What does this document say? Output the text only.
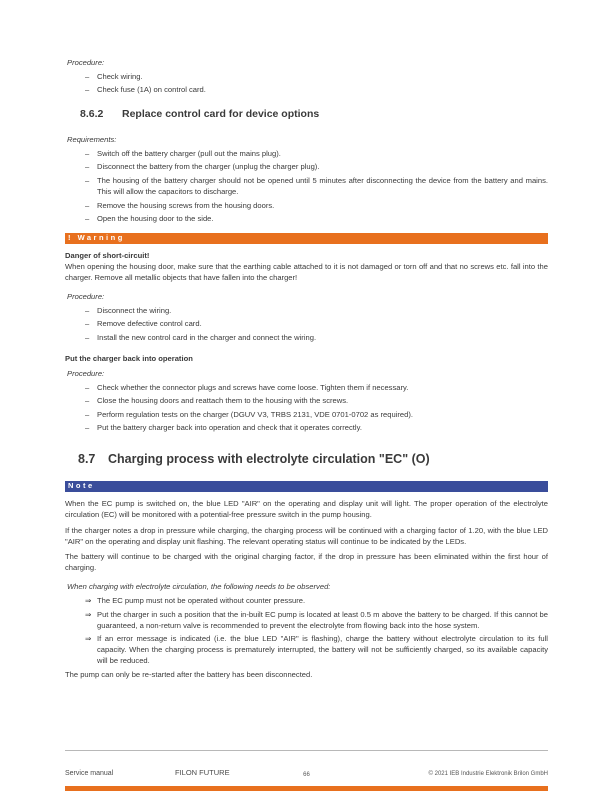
Procedure:
–	Check wiring.
–	Check fuse (1A) on control card.
8.6.2	Replace control card for device options
Requirements:
–	Switch off the battery charger (pull out the mains plug).
–	Disconnect the battery from the charger (unplug the charger plug).
–	The housing of the battery charger should not be opened until 5 minutes after disconnecting the device from the battery and mains. This will allow the capacitors to discharge.
–	Remove the housing screws from the housing doors.
–	Open the housing door to the side.
! Warning
Danger of short-circuit!
When opening the housing door, make sure that the earthing cable attached to it is not damaged or torn off and that no screws etc. fall into the charger. Remove all metallic objects that have fallen into the charger!
Procedure:
–	Disconnect the wiring.
–	Remove defective control card.
–	Install the new control card in the charger and connect the wiring.
Put the charger back into operation
Procedure:
–	Check whether the connector plugs and screws have come loose. Tighten them if necessary.
–	Close the housing doors and reattach them to the housing with the screws.
–	Perform regulation tests on the charger (DGUV V3, TRBS 2131, VDE 0701-0702 as required).
–	Put the battery charger back into operation and check that it operates correctly.
8.7	Charging process with electrolyte circulation "EC" (O)
Note
When the EC pump is switched on, the blue LED "AIR" on the operating and display unit will light. The proper operation of the electrolyte circulation (EC) will be monitored with a potential-free pressure switch in the pump housing.
If the charger notes a drop in pressure while charging, the charging process will be continued with a charging factor of 1.20, with the blue LED "AIR" on the operating and display unit flashing. The relevant operating status will continue to be indicated by the LEDs.
The battery will continue to be charged with the original charging factor, if the drop in pressure has been eliminated within the first hour of charging.
When charging with electrolyte circulation, the following needs to be observed:
⇒ The EC pump must not be operated without counter pressure.
⇒ Put the charger in such a position that the in-built EC pump is located at least 0.5 m above the battery to be charged. If this cannot be guaranteed, a non-return valve is recommended to prevent the electrolyte from flowing back into the hose system.
⇒ If an error message is indicated (i.e. the blue LED "AIR" is flashing), charge the battery without electrolyte circulation to its full capacity. When the charging process is prematurely interrupted, the battery will not be sufficiently charged, so its available capacity will be reduced.
The pump can only be re-started after the battery has been disconnected.
Service manual	FILON FUTURE	66	© 2021 IEB Industrie Elektronik Brilon GmbH
